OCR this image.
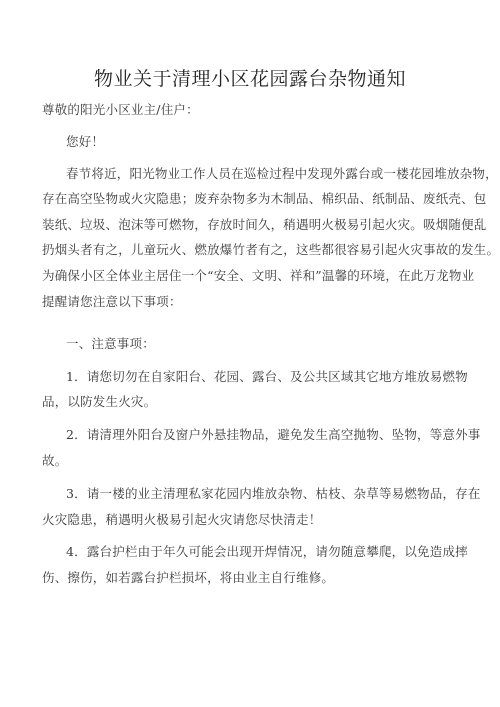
物业关于清理小区花园露台杂物通知
尊敬的阳光小区业主/住户：
您好！
春节将近，阳光物业工作人员在巡检过程中发现外露台或一楼花园堆放杂物，
存在高空坠物或火灾隐患；废弃杂物多为木制品、棉织品、纸制品、废纸壳、包
装纸、垃圾、泡沫等可燃物，存放时间久，稍遇明火极易引起火灾。吸烟随便乱
扔烟头者有之，儿童玩火、燃放爆竹者有之，这些都很容易引起火灾事故的发生。
为确保小区全体业主居住一个“安全、文明、祥和”温馨的环境，在此万龙物业
提醒请您注意以下事项：
一、注意事项：
1．请您切勿在自家阳台、花园、露台、及公共区域其它地方堆放易燃物
品，以防发生火灾。
2．请清理外阳台及窗户外悬挂物品，避免发生高空抛物、坠物，等意外事
故。
3．请一楼的业主清理私家花园内堆放杂物、枯枝、杂草等易燃物品，存在
火灾隐患，稍遇明火极易引起火灾请您尽快清走！
4．露台护栏由于年久可能会出现开焊情况，请勿随意攀爬，以免造成摔
伤、擦伤，如若露台护栏损坏，将由业主自行维修。
